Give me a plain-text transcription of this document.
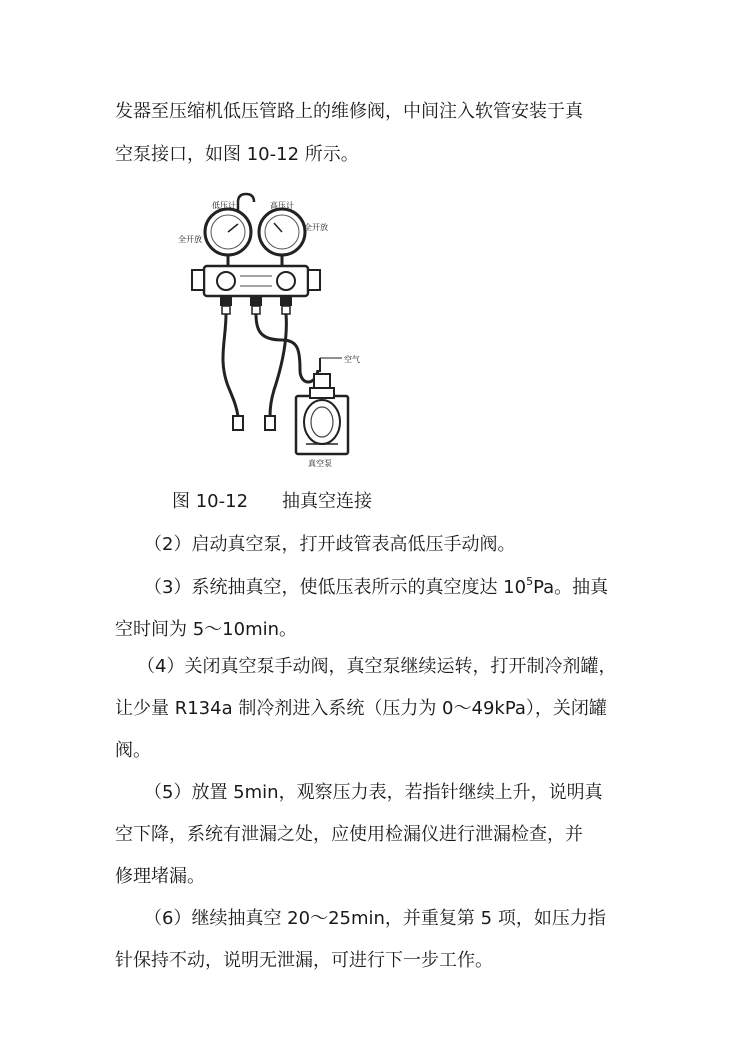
发器至压缩机低压管路上的维修阀，中间注入软管安装于真
空泵接口，如图 10-12 所示。
低压计	高压计
全开放
全开放
空气
真空泵
图 10-12 抽真空连接
（2）启动真空泵，打开歧管表高低压手动阀。
（3）系统抽真空，使低压表所示的真空度达 $10^5Pa$。抽真
空时间为 5～10min。
（4）关闭真空泵手动阀，真空泵继续运转，打开制冷剂罐，
让少量 R134a 制冷剂进入系统（压力为 0～49kPa），关闭罐
阀。
（5）放置 5min，观察压力表，若指针继续上升，说明真
空下降，系统有泄漏之处，应使用检漏仪进行泄漏检查，并
修理堵漏。
（6）继续抽真空 20～25min，并重复第 5 项，如压力指
针保持不动，说明无泄漏，可进行下一步工作。
